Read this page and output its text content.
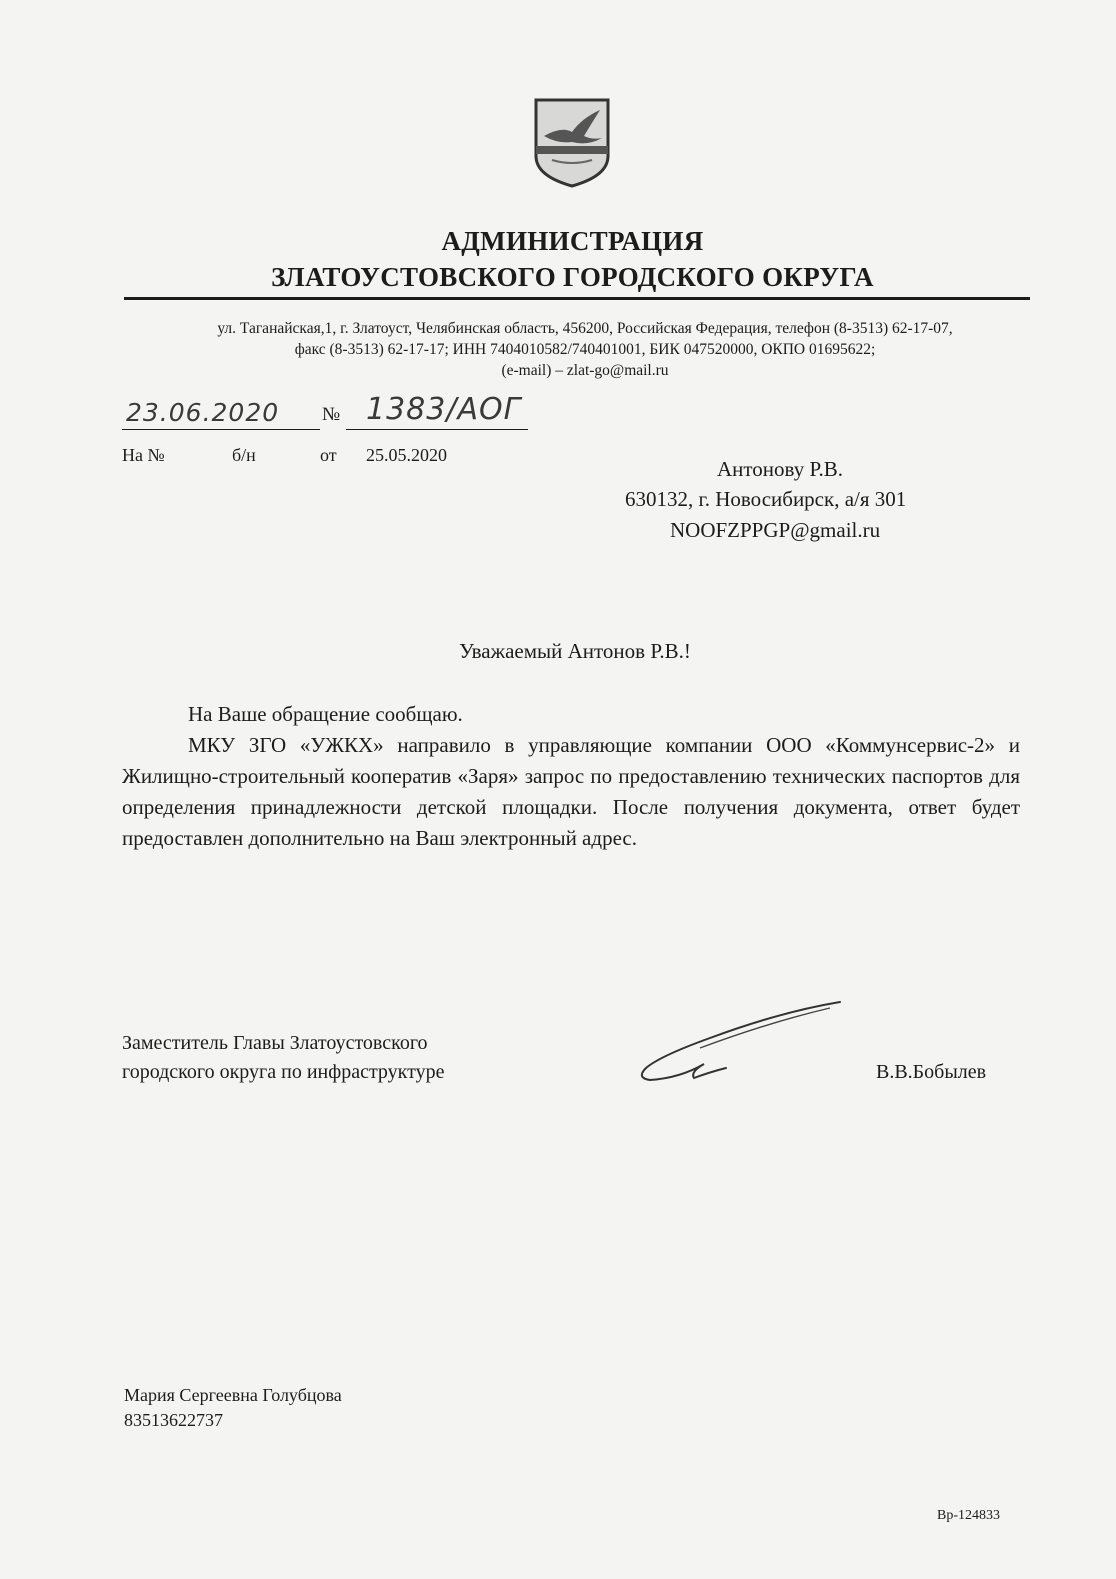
АДМИНИСТРАЦИЯ
ЗЛАТОУСТОВСКОГО ГОРОДСКОГО ОКРУГА
ул. Таганайская,1, г. Златоуст, Челябинская область, 456200, Российская Федерация, телефон (8-3513) 62-17-07,
факс (8-3513) 62-17-17; ИНН 7404010582/740401001, БИК 047520000, ОКПО 01695622;
(e-mail) – zlat-go@mail.ru
23.06.2020 № 1383/АОГ
На №	б/н	от 25.05.2020
Антонову Р.В.
630132, г. Новосибирск, а/я 301
NOOFZPPGP@gmail.ru
Уважаемый Антонов Р.В.!
На Ваше обращение сообщаю.
МКУ ЗГО «УЖКХ» направило в управляющие компании ООО «Коммунсервис-2» и Жилищно-строительный кооператив «Заря» запрос по предоставлению технических паспортов для определения принадлежности детской площадки. После получения документа, ответ будет предоставлен дополнительно на Ваш электронный адрес.
Заместитель Главы Златоустовского
городского округа по инфраструктуре	В.В.Бобылев
Мария Сергеевна Голубцова
83513622737
Вр-124833
